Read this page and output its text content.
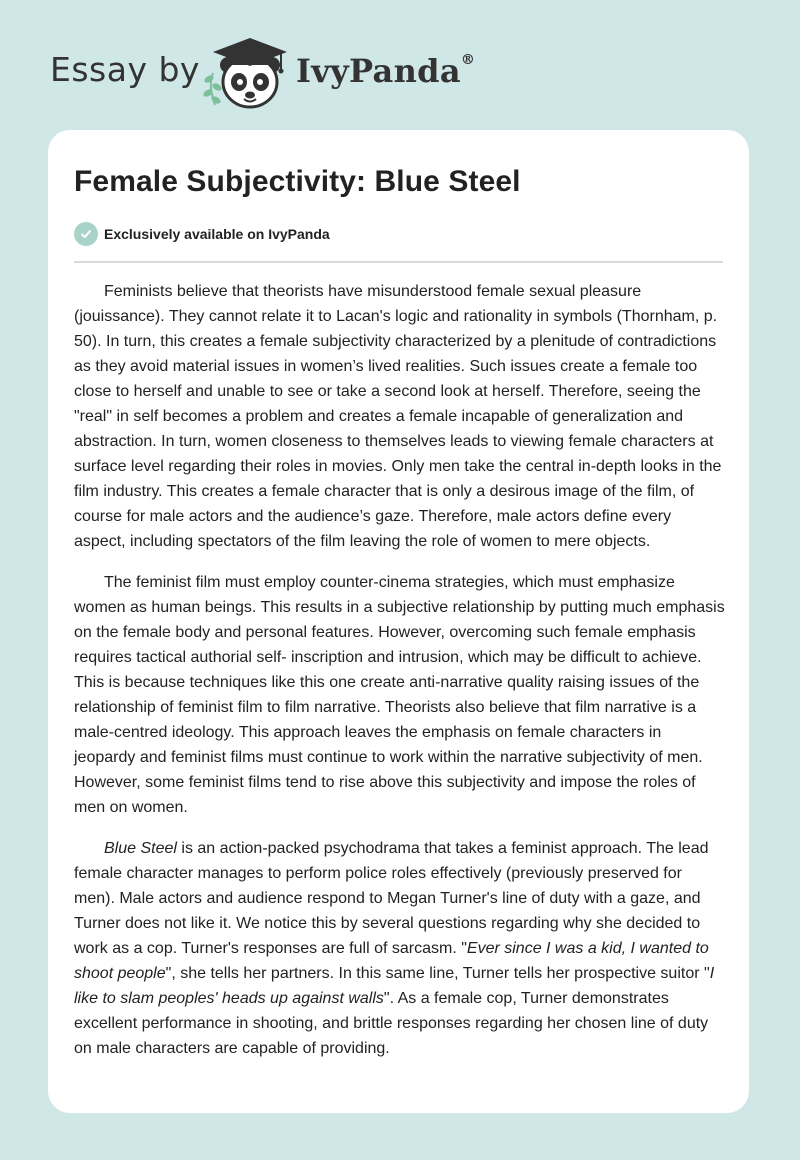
Essay by	IvyPanda®
Female Subjectivity: Blue Steel
Exclusively available on IvyPanda

Feminists believe that theorists have misunderstood female sexual pleasure (jouissance). They cannot relate it to Lacan's logic and rationality in symbols (Thornham, p. 50). In turn, this creates a female subjectivity characterized by a plenitude of contradictions as they avoid material issues in women’s lived realities. Such issues create a female too close to herself and unable to see or take a second look at herself. Therefore, seeing the "real" in self becomes a problem and creates a female incapable of generalization and abstraction. In turn, women closeness to themselves leads to viewing female characters at surface level regarding their roles in movies. Only men take the central in-depth looks in the film industry. This creates a female character that is only a desirous image of the film, of course for male actors and the audience’s gaze. Therefore, male actors define every aspect, including spectators of the film leaving the role of women to mere objects.

The feminist film must employ counter-cinema strategies, which must emphasize women as human beings. This results in a subjective relationship by putting much emphasis on the female body and personal features. However, overcoming such female emphasis requires tactical authorial self- inscription and intrusion, which may be difficult to achieve. This is because techniques like this one create anti-narrative quality raising issues of the relationship of feminist film to film narrative. Theorists also believe that film narrative is a male-centred ideology. This approach leaves the emphasis on female characters in jeopardy and feminist films must continue to work within the narrative subjectivity of men. However, some feminist films tend to rise above this subjectivity and impose the roles of men on women.

Blue Steel is an action-packed psychodrama that takes a feminist approach. The lead female character manages to perform police roles effectively (previously preserved for men). Male actors and audience respond to Megan Turner's line of duty with a gaze, and Turner does not like it. We notice this by several questions regarding why she decided to work as a cop. Turner's responses are full of sarcasm. "Ever since I was a kid, I wanted to shoot people", she tells her partners. In this same line, Turner tells her prospective suitor "I like to slam peoples' heads up against walls". As a female cop, Turner demonstrates excellent performance in shooting, and brittle responses regarding her chosen line of duty on male characters are capable of providing.
